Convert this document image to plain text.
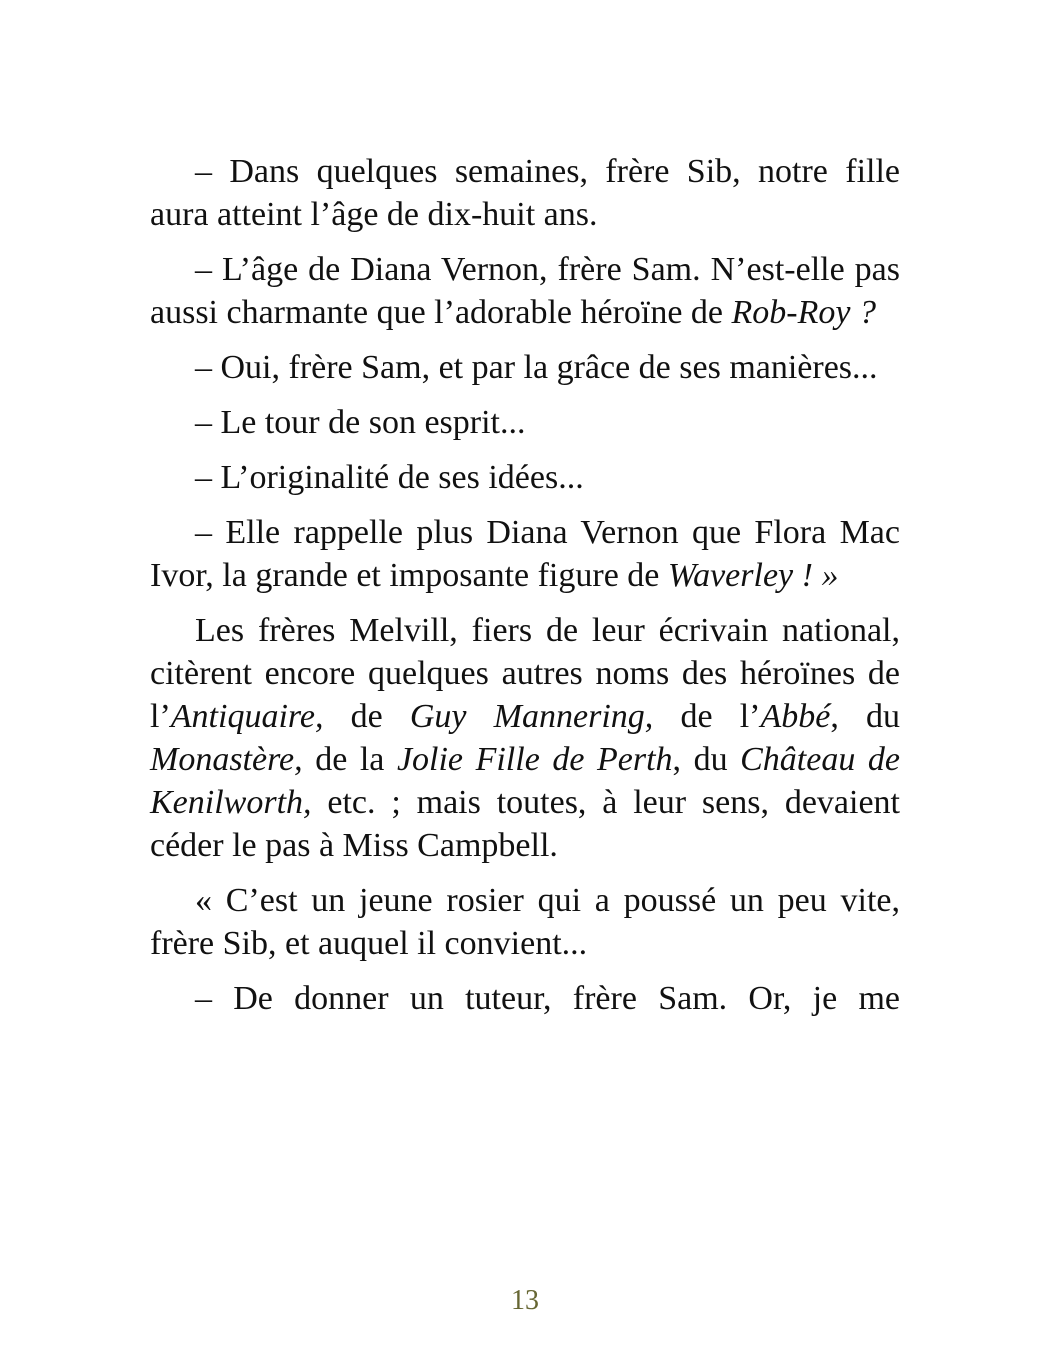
– Dans quelques semaines, frère Sib, notre fille aura atteint l’âge de dix-huit ans.

– L’âge de Diana Vernon, frère Sam. N’est-elle pas aussi charmante que l’adorable héroïne de Rob-Roy ?

– Oui, frère Sam, et par la grâce de ses manières...

– Le tour de son esprit...

– L’originalité de ses idées...

– Elle rappelle plus Diana Vernon que Flora Mac Ivor, la grande et imposante figure de Waverley ! »

Les frères Melvill, fiers de leur écrivain national, citèrent encore quelques autres noms des héroïnes de l’Antiquaire, de Guy Mannering, de l’Abbé, du Monastère, de la Jolie Fille de Perth, du Château de Kenilworth, etc. ; mais toutes, à leur sens, devaient céder le pas à Miss Campbell.

« C’est un jeune rosier qui a poussé un peu vite, frère Sib, et auquel il convient...

– De donner un tuteur, frère Sam. Or, je me

13
